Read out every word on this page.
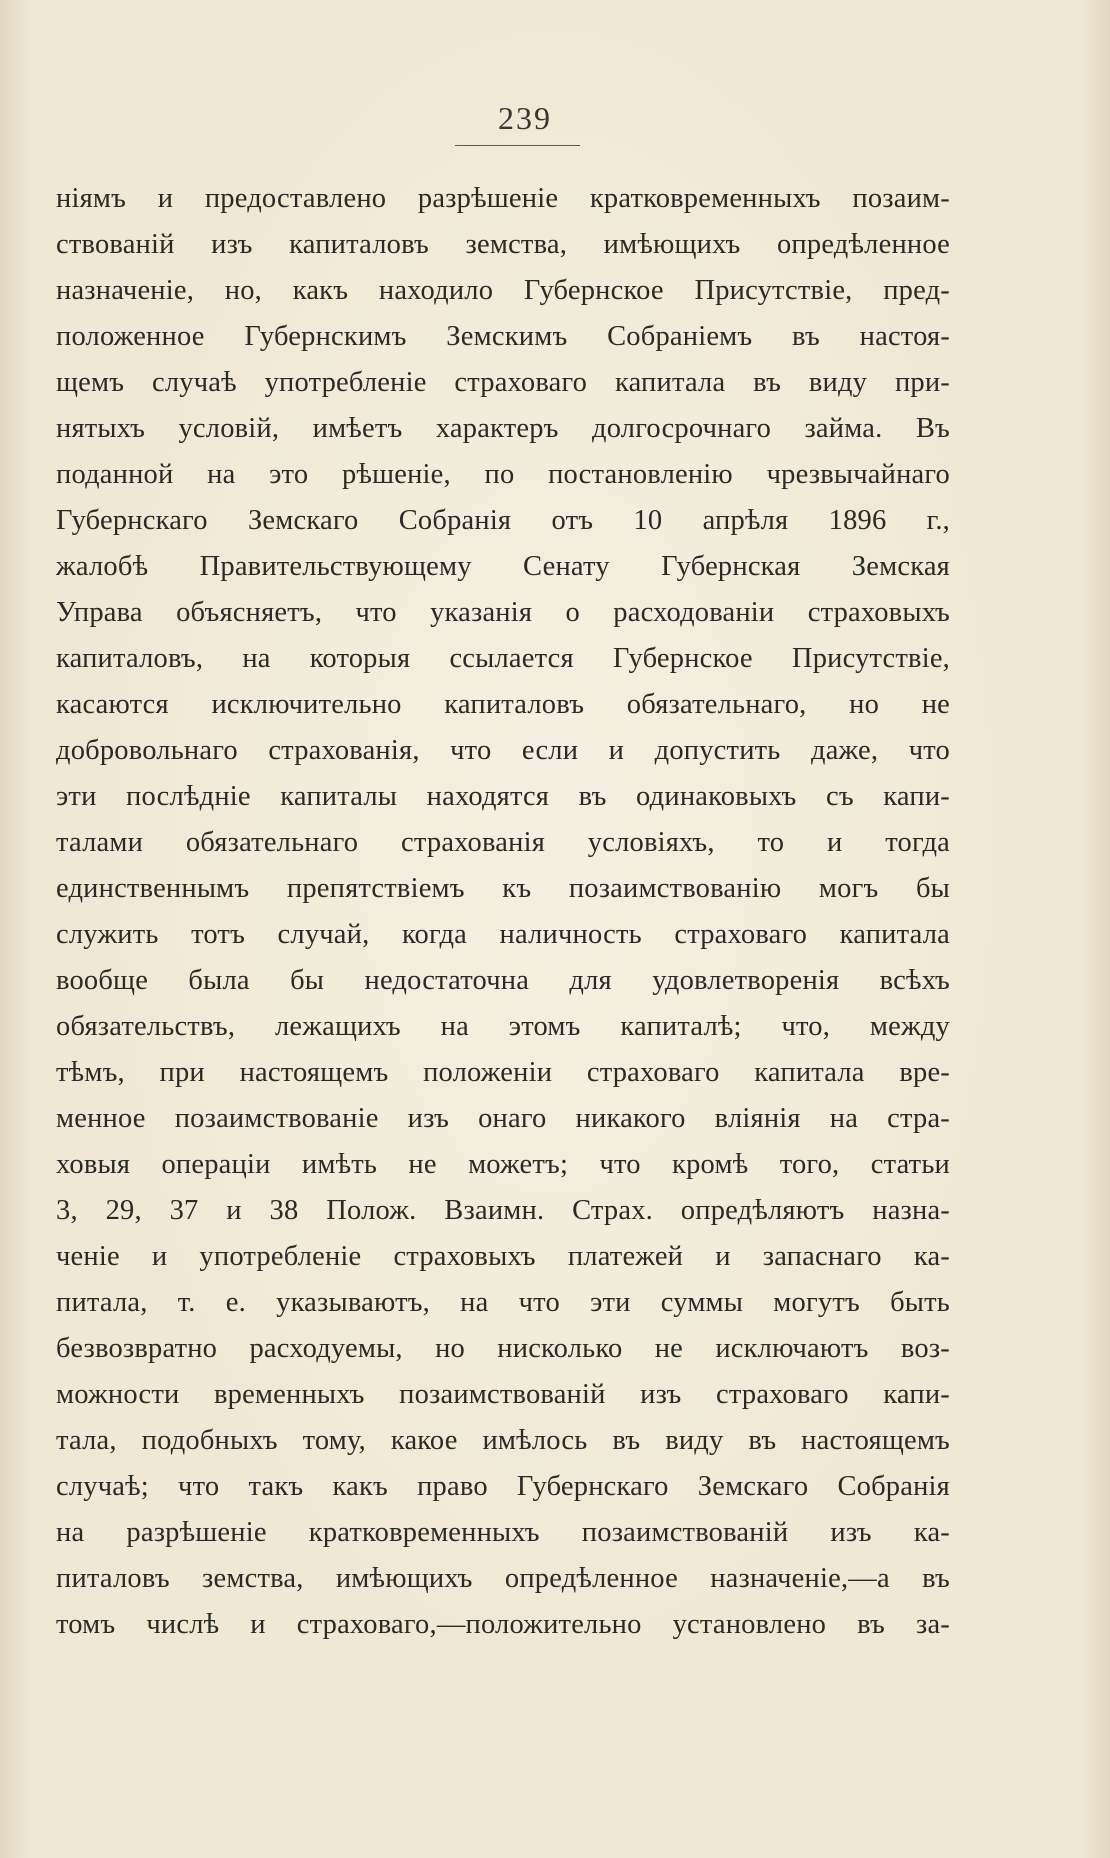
239
ніямъ и предоставлено разрѣшеніе кратковременныхъ позаим-
ствованій изъ капиталовъ земства, имѣющихъ опредѣленное
назначеніе, но, какъ находило Губернское Присутствіе, пред-
положенное Губернскимъ Земскимъ Собраніемъ въ настоя-
щемъ случаѣ употребленіе страховаго капитала въ виду при-
нятыхъ условій, имѣетъ характеръ долгосрочнаго займа. Въ
поданной на это рѣшеніе, по постановленію чрезвычайнаго
Губернскаго Земскаго Собранія отъ 10 апрѣля 1896 г.,
жалобѣ Правительствующему Сенату Губернская Земская
Управа объясняетъ, что указанія о расходованіи страховыхъ
капиталовъ, на которыя ссылается Губернское Присутствіе,
касаются исключительно капиталовъ обязательнаго, но не
добровольнаго страхованія, что если и допустить даже, что
эти послѣдніе капиталы находятся въ одинаковыхъ съ капи-
талами обязательнаго страхованія условіяхъ, то и тогда
единственнымъ препятствіемъ къ позаимствованію могъ бы
служить тотъ случай, когда наличность страховаго капитала
вообще была бы недостаточна для удовлетворенія всѣхъ
обязательствъ, лежащихъ на этомъ капиталѣ; что, между
тѣмъ, при настоящемъ положеніи страховаго капитала вре-
менное позаимствованіе изъ онаго никакого вліянія на стра-
ховыя операціи имѣть не можетъ; что кромѣ того, статьи
3, 29, 37 и 38 Полож. Взаимн. Страх. опредѣляютъ назна-
ченіе и употребленіе страховыхъ платежей и запаснаго ка-
питала, т. е. указываютъ, на что эти суммы могутъ быть
безвозвратно расходуемы, но нисколько не исключаютъ воз-
можности временныхъ позаимствованій изъ страховаго капи-
тала, подобныхъ тому, какое имѣлось въ виду въ настоящемъ
случаѣ; что такъ какъ право Губернскаго Земскаго Собранія
на разрѣшеніе кратковременныхъ позаимствованій изъ ка-
питаловъ земства, имѣющихъ опредѣленное назначеніе,—а въ
томъ числѣ и страховаго,—положительно установлено въ за-
